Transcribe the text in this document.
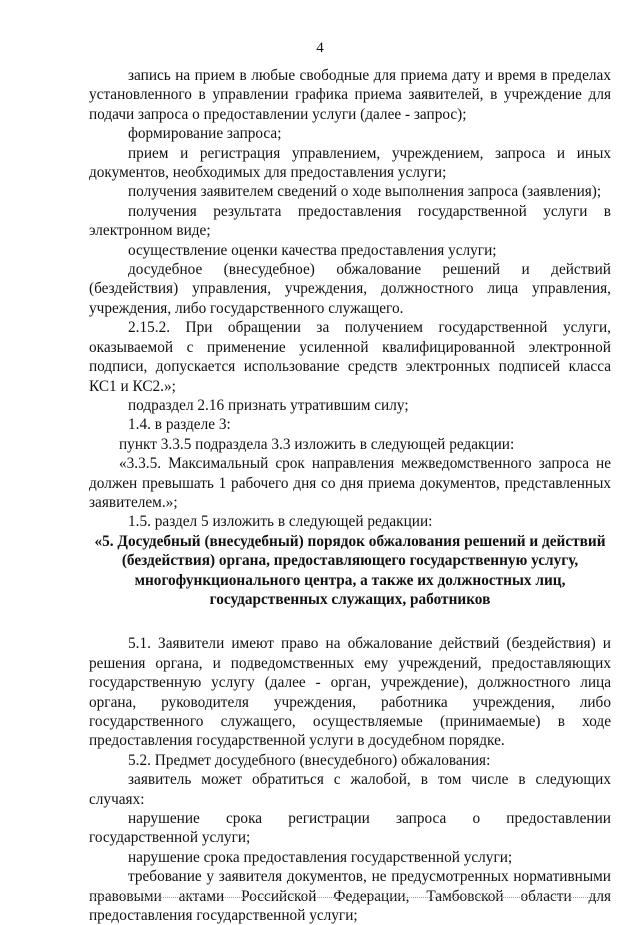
4

запись на прием в любые свободные для приема дату и время в пределах установленного в управлении графика приема заявителей, в учреждение для подачи запроса о предоставлении услуги (далее - запрос);

формирование запроса;

прием и регистрация управлением, учреждением, запроса и иных документов, необходимых для предоставления услуги;

получения заявителем сведений о ходе выполнения запроса (заявления);

получения результата предоставления государственной услуги в электронном виде;

осуществление оценки качества предоставления услуги;

досудебное (внесудебное) обжалование решений и действий (бездействия) управления, учреждения, должностного лица управления, учреждения, либо государственного служащего.

2.15.2. При обращении за получением государственной услуги, оказываемой с применение усиленной квалифицированной электронной подписи, допускается использование средств электронных подписей класса КС1 и КС2.»;

подраздел 2.16 признать утратившим силу;

1.4. в разделе 3:

пункт 3.3.5 подраздела 3.3 изложить в следующей редакции:

«3.3.5. Максимальный срок направления межведомственного запроса не должен превышать 1 рабочего дня со дня приема документов, представленных заявителем.»;

1.5. раздел 5 изложить в следующей редакции:

«5. Досудебный (внесудебный) порядок обжалования решений и действий (бездействия) органа, предоставляющего государственную услугу, многофункционального центра, а также их должностных лиц, государственных служащих, работников

5.1. Заявители имеют право на обжалование действий (бездействия) и решения органа, и подведомственных ему учреждений, предоставляющих государственную услугу (далее - орган, учреждение), должностного лица органа, руководителя учреждения, работника учреждения, либо государственного служащего, осуществляемые (принимаемые) в ходе предоставления государственной услуги в досудебном порядке.

5.2. Предмет досудебного (внесудебного) обжалования:

заявитель может обратиться с жалобой, в том числе в следующих случаях:

нарушение срока регистрации запроса о предоставлении государственной услуги;

нарушение срока предоставления государственной услуги;

требование у заявителя документов, не предусмотренных нормативными правовыми актами Российской Федерации, Тамбовской области для предоставления государственной услуги;
